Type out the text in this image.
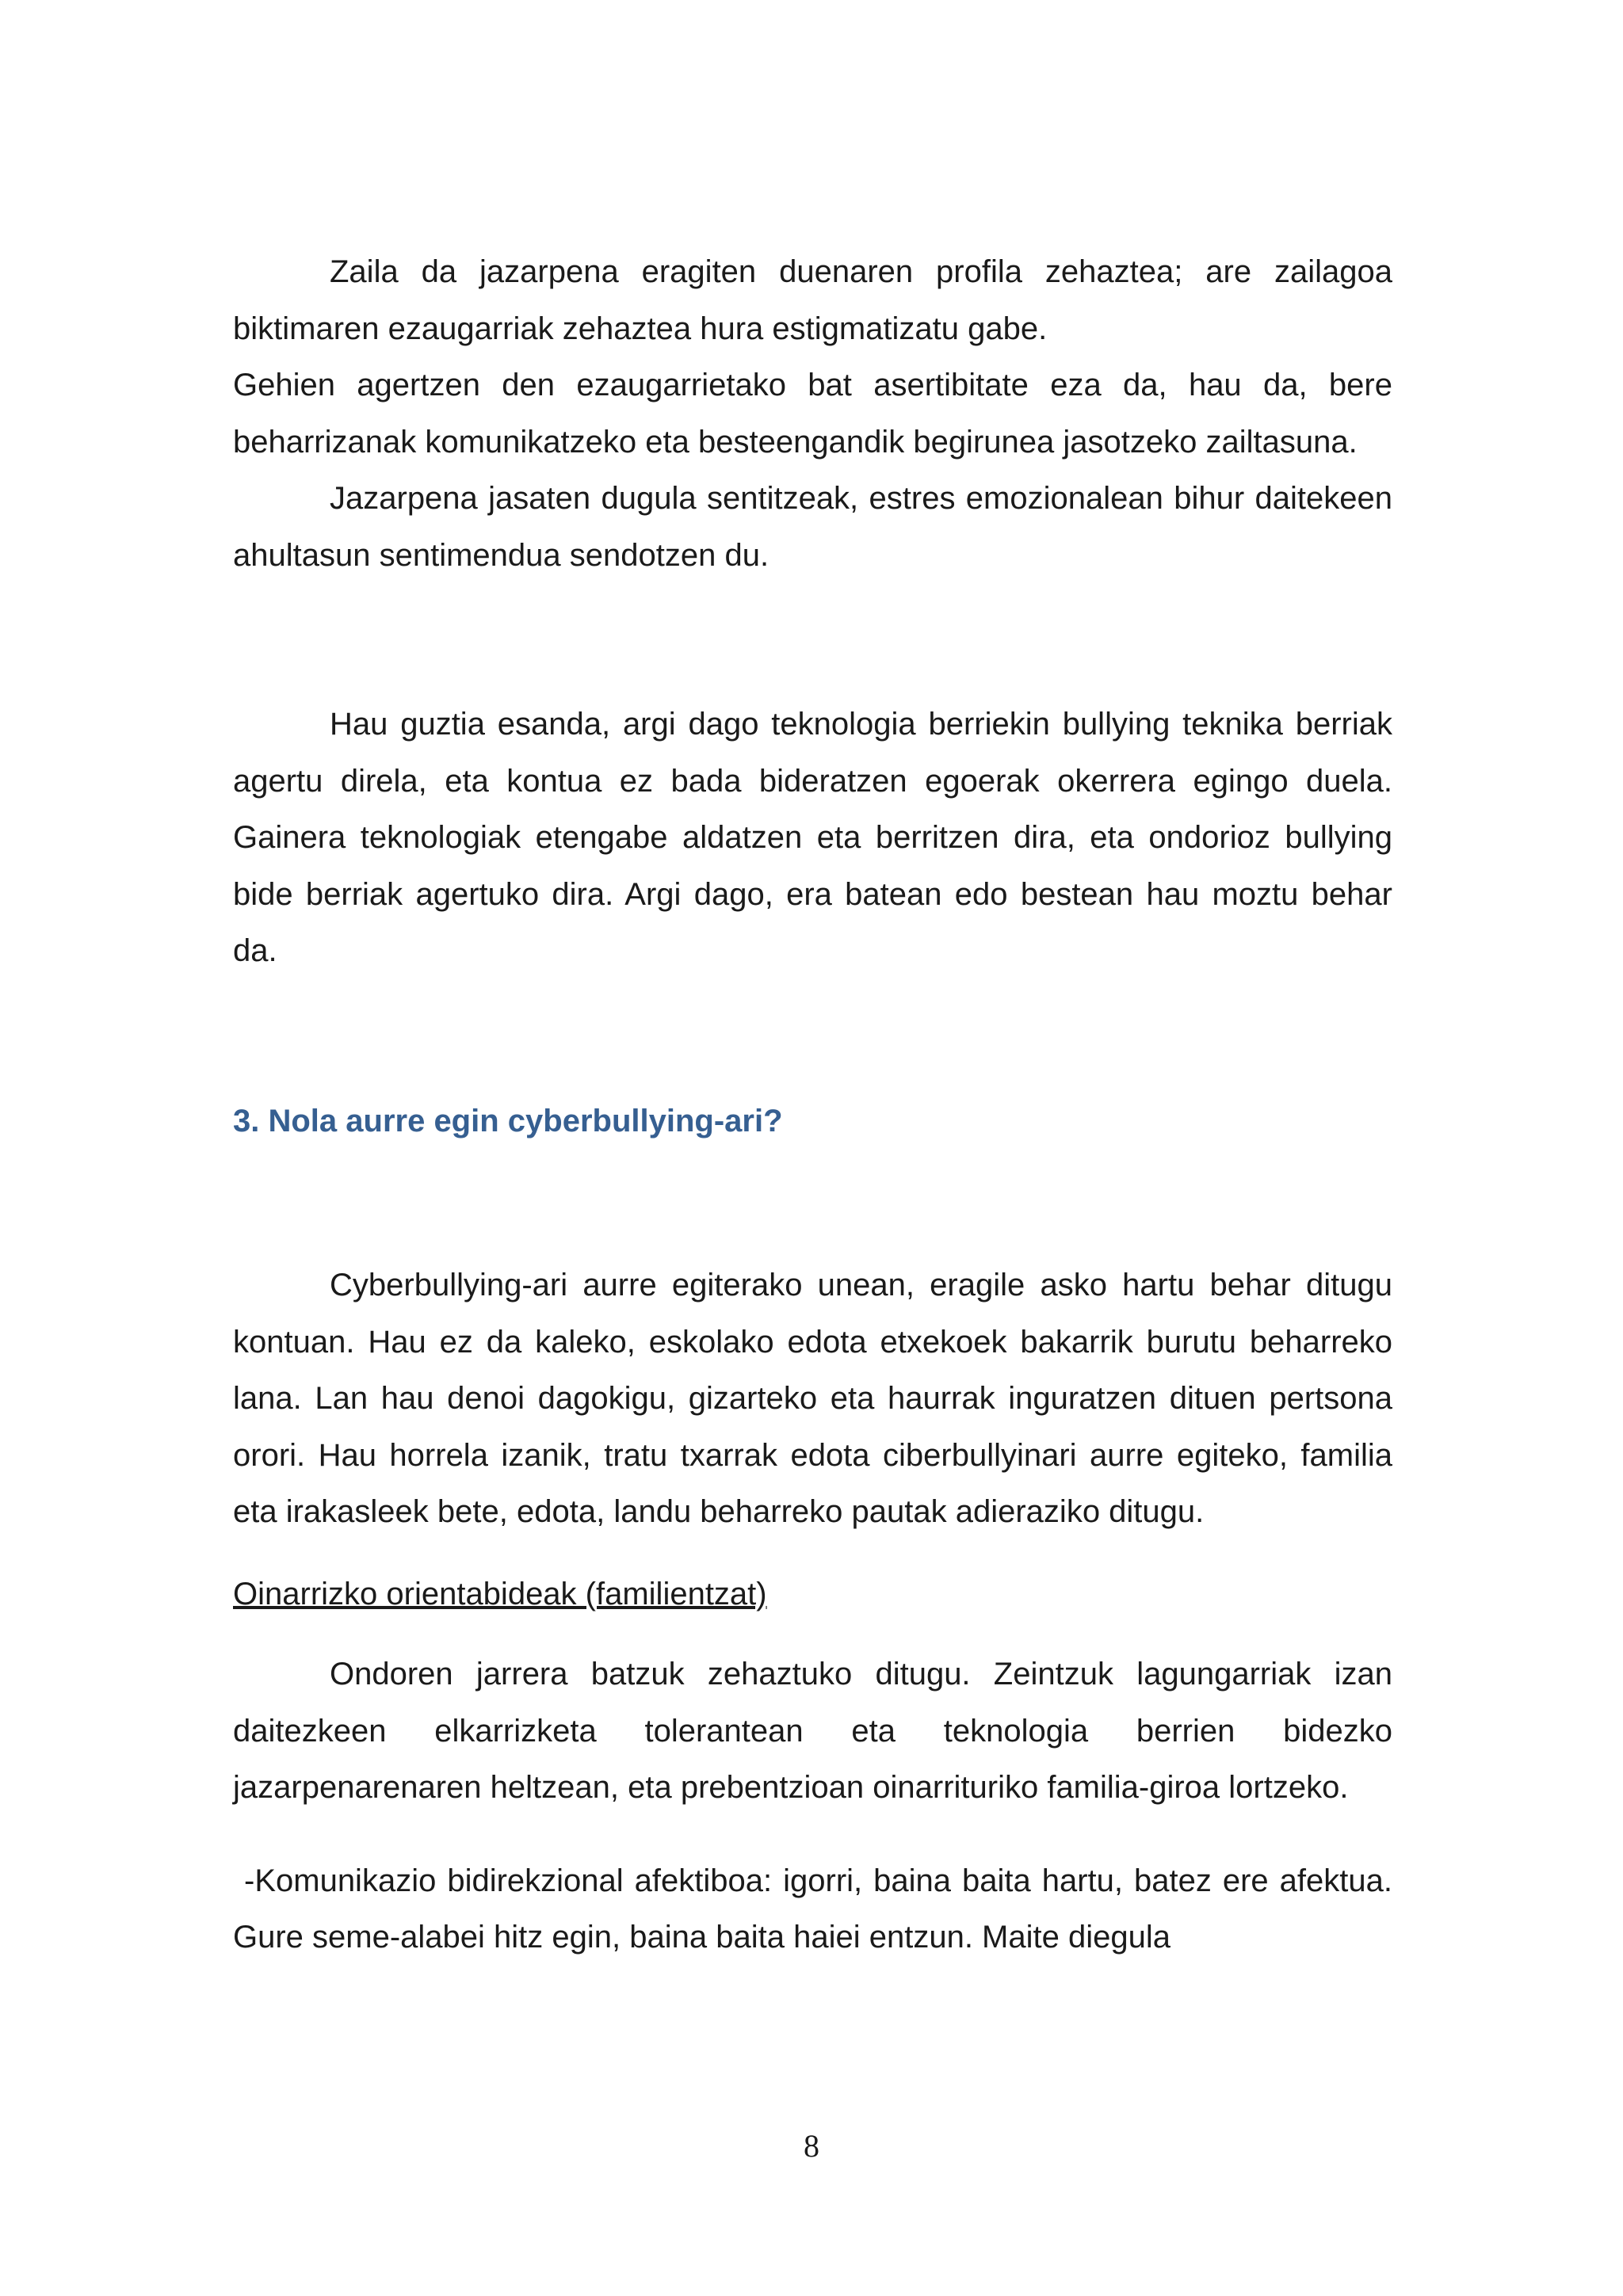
Zaila da jazarpena eragiten duenaren profila zehaztea; are zailagoa biktimaren ezaugarriak zehaztea hura estigmatizatu gabe.

Gehien agertzen den ezaugarrietako bat asertibitate eza da, hau da, bere beharrizanak komunikatzeko eta besteengandik begirunea jasotzeko zailtasuna.

Jazarpena jasaten dugula sentitzeak, estres emozionalean bihur daitekeen ahultasun sentimendua sendotzen du.

Hau guztia esanda, argi dago teknologia berriekin bullying teknika berriak agertu direla, eta kontua ez bada bideratzen egoerak okerrera egingo duela. Gainera teknologiak etengabe aldatzen eta berritzen dira, eta ondorioz bullying bide berriak agertuko dira. Argi dago, era batean edo bestean hau moztu behar da.

3. Nola aurre egin cyberbullying-ari?

Cyberbullying-ari aurre egiterako unean, eragile asko hartu behar ditugu kontuan. Hau ez da kaleko, eskolako edota etxekoek bakarrik burutu beharreko lana. Lan hau denoi dagokigu, gizarteko eta haurrak inguratzen dituen pertsona orori. Hau horrela izanik, tratu txarrak edota ciberbullyinari aurre egiteko, familia eta irakasleek bete, edota, landu beharreko pautak adieraziko ditugu.

Oinarrizko orientabideak (familientzat)

Ondoren jarrera batzuk zehaztuko ditugu. Zeintzuk lagungarriak izan daitezkeen elkarrizketa tolerantean eta teknologia berrien bidezko jazarpenarenaren heltzean, eta prebentzioan oinarrituriko familia-giroa lortzeko.

-Komunikazio bidirekzional afektiboa: igorri, baina baita hartu, batez ere afektua. Gure seme-alabei hitz egin, baina baita haiei entzun. Maite diegula

8
